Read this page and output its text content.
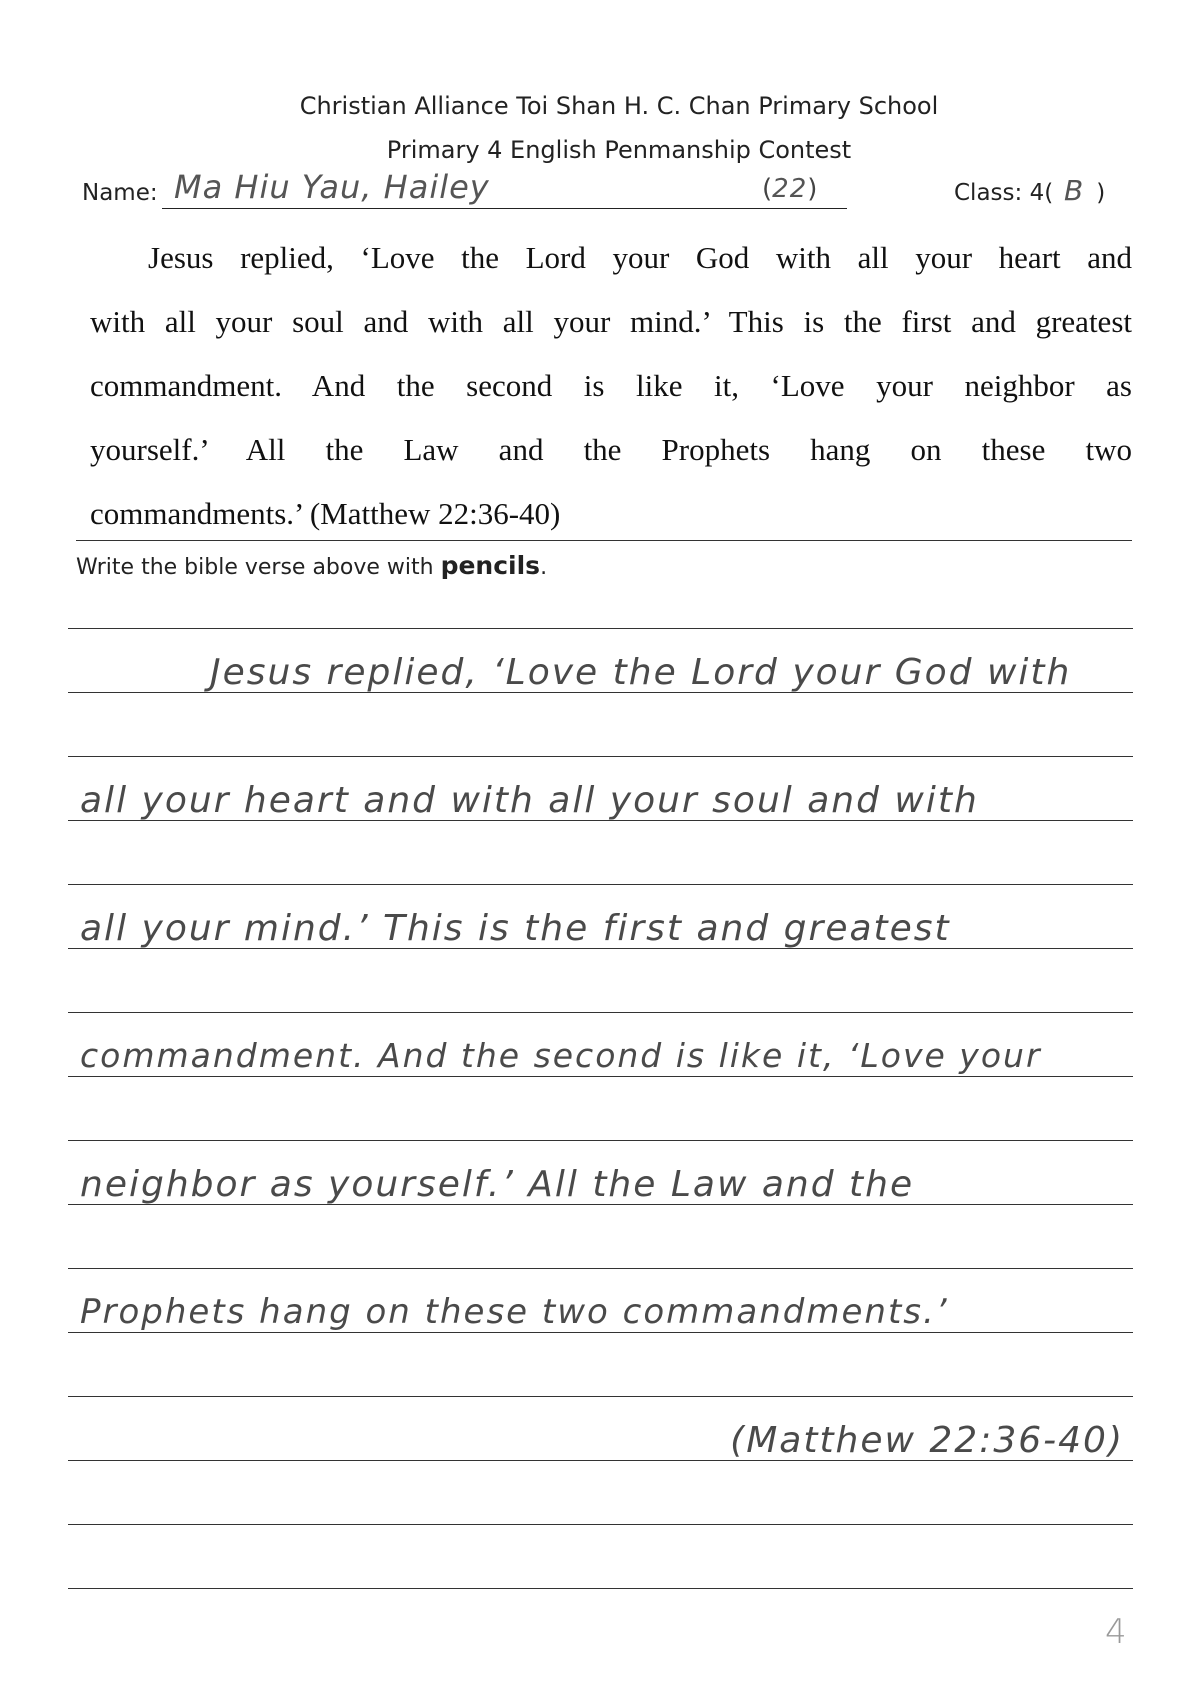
Christian Alliance Toi Shan H. C. Chan Primary School
Primary 4 English Penmanship Contest
Name: Ma Hiu Yau, Hailey	(22)	Class: 4( B )
Jesus replied, ‘Love the Lord your God with all your heart and
with all your soul and with all your mind.’ This is the first and greatest
commandment. And the second is like it, ‘Love your neighbor as
yourself.’ All the Law and the Prophets hang on these two
commandments.’ (Matthew 22:36-40)
Write the bible verse above with pencils.
Jesus replied, ‘Love the Lord your God with
all your heart and with all your soul and with
all your mind.’ This is the first and greatest
commandment. And the second is like it, ‘Love your
neighbor as yourself.’ All the Law and the
Prophets hang on these two commandments.’
(Matthew 22:36-40)
4
